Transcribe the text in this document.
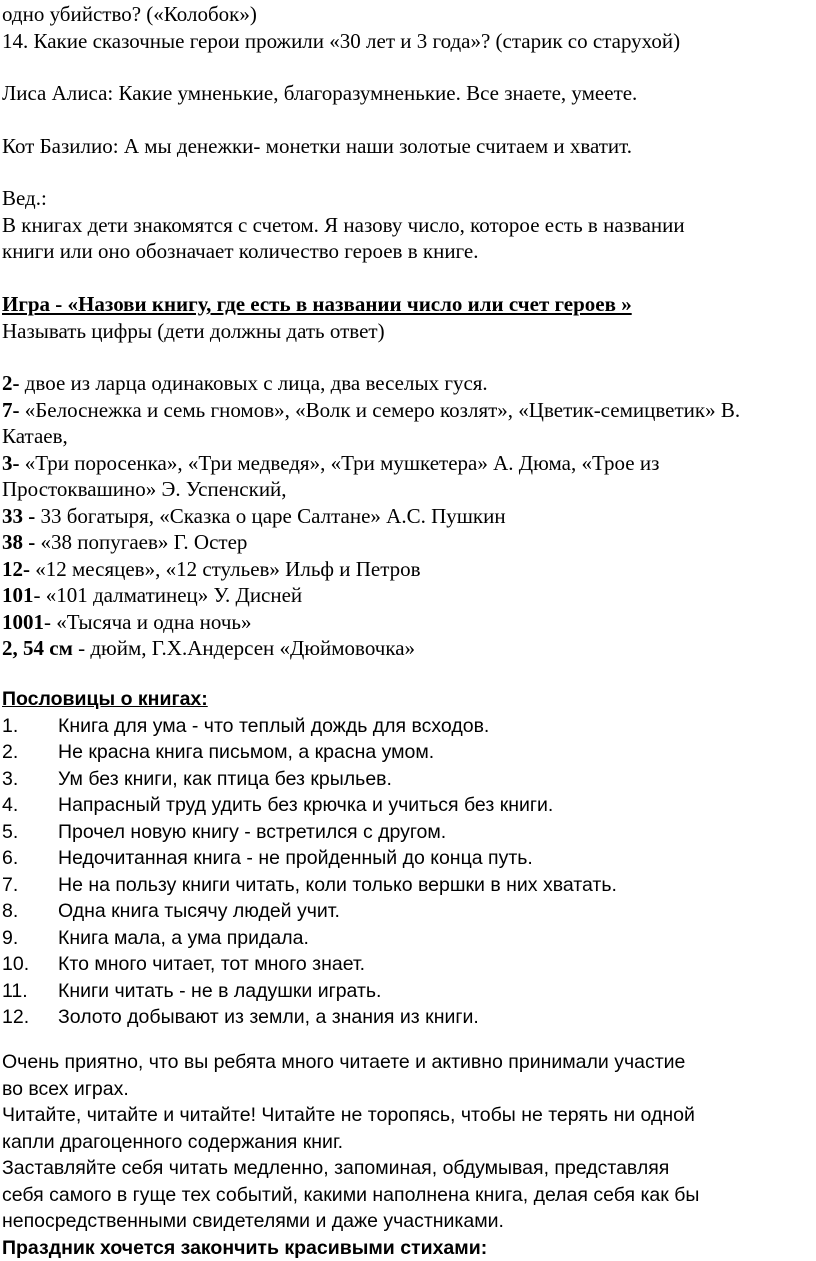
одно убийство? («Колобок»)
14. Какие сказочные герои прожили «30 лет и 3 года»? (старик со старухой)
Лиса Алиса: Какие умненькие, благоразумненькие. Все знаете, умеете.
Кот Базилио: А мы денежки- монетки наши золотые считаем и хватит.
Вед.:
В книгах дети знакомятся с счетом. Я назову число, которое есть в названии
книги или оно обозначает количество героев в книге.
Игра - «Назови книгу, где есть в названии число или счет героев »
Называть цифры (дети должны дать ответ)
2- двое из ларца одинаковых с лица, два веселых гуся.
7- «Белоснежка и семь гномов», «Волк и семеро козлят», «Цветик-семицветик» В.
Катаев,
3- «Три поросенка», «Три медведя», «Три мушкетера» А. Дюма, «Трое из
Простоквашино» Э. Успенский,
33 - 33 богатыря, «Сказка о царе Салтане» А.С. Пушкин
38 - «38 попугаев» Г. Остер
12- «12 месяцев», «12 стульев» Ильф и Петров
101- «101 далматинец» У. Дисней
1001- «Тысяча и одна ночь»
2, 54 см - дюйм, Г.Х.Андерсен «Дюймовочка»
Пословицы о книгах:
1. Книга для ума - что теплый дождь для всходов.
2. Не красна книга письмом, а красна умом.
3. Ум без книги, как птица без крыльев.
4. Напрасный труд удить без крючка и учиться без книги.
5. Прочел новую книгу - встретился с другом.
6. Недочитанная книга - не пройденный до конца путь.
7. Не на пользу книги читать, коли только вершки в них хватать.
8. Одна книга тысячу людей учит.
9. Книга мала, а ума придала.
10. Кто много читает, тот много знает.
11. Книги читать - не в ладушки играть.
12. Золото добывают из земли, а знания из книги.
Очень приятно, что вы ребята много читаете и активно принимали участие
во всех играх.
Читайте, читайте и читайте! Читайте не торопясь, чтобы не терять ни одной
капли драгоценного содержания книг.
Заставляйте себя читать медленно, запоминая, обдумывая, представляя
себя самого в гуще тех событий, какими наполнена книга, делая себя как бы
непосредственными свидетелями и даже участниками.
Праздник хочется закончить красивыми стихами:
